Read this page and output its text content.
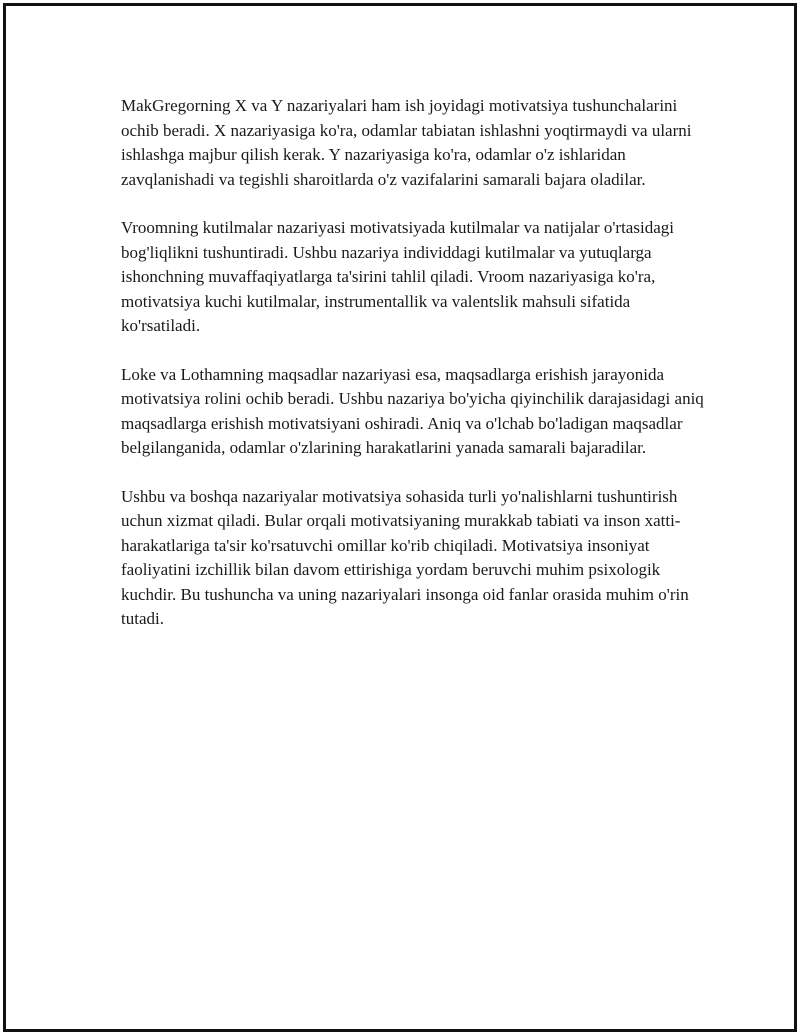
MakGregorning X va Y nazariyalari ham ish joyidagi motivatsiya tushunchalarini ochib beradi. X nazariyasiga ko'ra, odamlar tabiatan ishlashni yoqtirmaydi va ularni ishlashga majbur qilish kerak. Y nazariyasiga ko'ra, odamlar o'z ishlaridan zavqlanishadi va tegishli sharoitlarda o'z vazifalarini samarali bajara oladilar.

Vroomning kutilmalar nazariyasi motivatsiyada kutilmalar va natijalar o'rtasidagi bog'liqlikni tushuntiradi. Ushbu nazariya individdagi kutilmalar va yutuqlarga ishonchning muvaffaqiyatlarga ta'sirini tahlil qiladi. Vroom nazariyasiga ko'ra, motivatsiya kuchi kutilmalar, instrumentallik va valentslik mahsuli sifatida ko'rsatiladi.

Loke va Lothamning maqsadlar nazariyasi esa, maqsadlarga erishish jarayonida motivatsiya rolini ochib beradi. Ushbu nazariya bo'yicha qiyinchilik darajasidagi aniq maqsadlarga erishish motivatsiyani oshiradi. Aniq va o'lchab bo'ladigan maqsadlar belgilanganida, odamlar o'zlarining harakatlarini yanada samarali bajaradilar.

Ushbu va boshqa nazariyalar motivatsiya sohasida turli yo'nalishlarni tushuntirish uchun xizmat qiladi. Bular orqali motivatsiyaning murakkab tabiati va inson xatti-harakatlariga ta'sir ko'rsatuvchi omillar ko'rib chiqiladi. Motivatsiya insoniyat faoliyatini izchillik bilan davom ettirishiga yordam beruvchi muhim psixologik kuchdir. Bu tushuncha va uning nazariyalari insonga oid fanlar orasida muhim o'rin tutadi.
